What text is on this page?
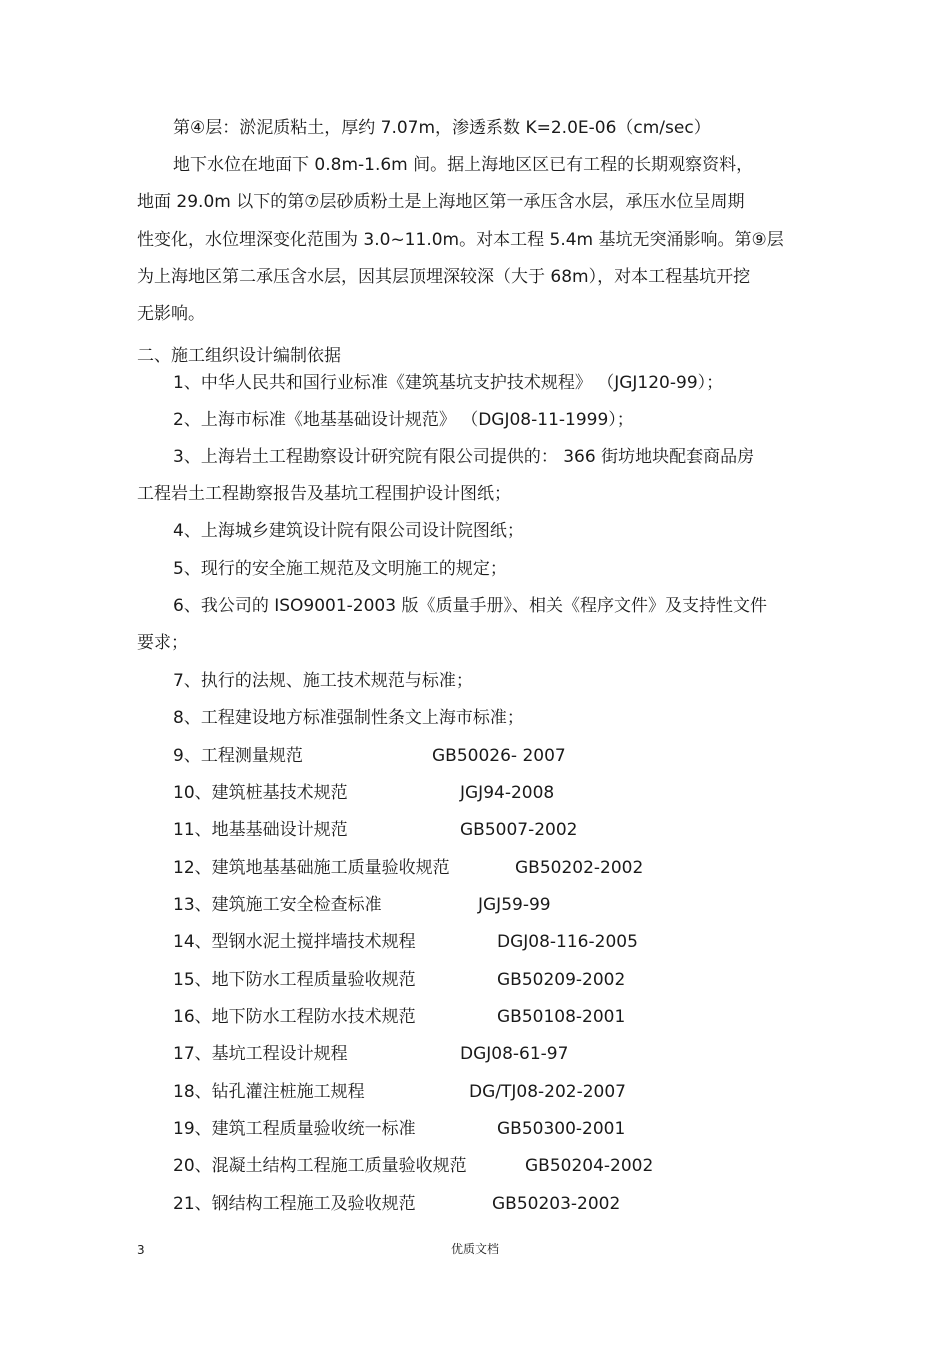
第④层：淤泥质粘土，厚约 7.07m，渗透系数 K=2.0E-06（cm/sec）
地下水位在地面下 0.8m-1.6m 间。据上海地区区已有工程的长期观察资料，
地面 29.0m 以下的第⑦层砂质粉土是上海地区第一承压含水层，承压水位呈周期
性变化，水位埋深变化范围为 3.0~11.0m。对本工程 5.4m 基坑无突涌影响。第⑨层
为上海地区第二承压含水层，因其层顶埋深较深（大于 68m），对本工程基坑开挖
无影响。
二、施工组织设计编制依据
1、中华人民共和国行业标准《建筑基坑支护技术规程》 （JGJ120-99）；
2、上海市标准《地基基础设计规范》 （DGJ08-11-1999）；
3、上海岩土工程勘察设计研究院有限公司提供的： 366 街坊地块配套商品房
工程岩土工程勘察报告及基坑工程围护设计图纸；
4、上海城乡建筑设计院有限公司设计院图纸；
5、现行的安全施工规范及文明施工的规定；
6、我公司的 ISO9001-2003 版《质量手册》、相关《程序文件》及支持性文件
要求；
7、执行的法规、施工技术规范与标准；
8、工程建设地方标准强制性条文上海市标准；
9、工程测量规范	GB50026- 2007
10、建筑桩基技术规范	JGJ94-2008
11、地基基础设计规范	GB5007-2002
12、建筑地基基础施工质量验收规范	GB50202-2002
13、建筑施工安全检查标准	JGJ59-99
14、型钢水泥土搅拌墙技术规程	DGJ08-116-2005
15、地下防水工程质量验收规范	GB50209-2002
16、地下防水工程防水技术规范	GB50108-2001
17、基坑工程设计规程	DGJ08-61-97
18、钻孔灌注桩施工规程	DG/TJ08-202-2007
19、建筑工程质量验收统一标准	GB50300-2001
20、混凝土结构工程施工质量验收规范	GB50204-2002
21、钢结构工程施工及验收规范	GB50203-2002
3	优质文档
